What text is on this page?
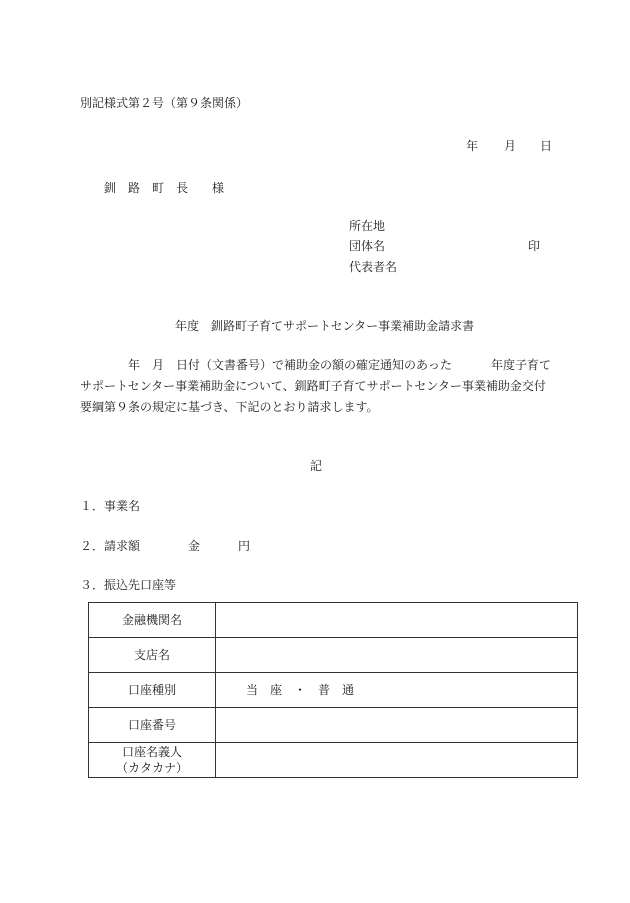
別記様式第２号（第９条関係）
年 月 日
釧 路 町 長 様
所在地
団体名	印
代表者名
年度　釧路町子育てサポートセンター事業補助金請求書
年 月 日付（文書番号）で補助金の額の確定通知のあった	年度子育て
サポートセンター事業補助金について、釧路町子育てサポートセンター事業補助金交付
要綱第９条の規定に基づき、下記のとおり請求します。
記
１．事業名
２．請求額	金	円
３．振込先口座等
金融機関名	
支店名	
口座種別	当　座　・　普　通
口座番号	

口座名義人
（カタカナ）	
